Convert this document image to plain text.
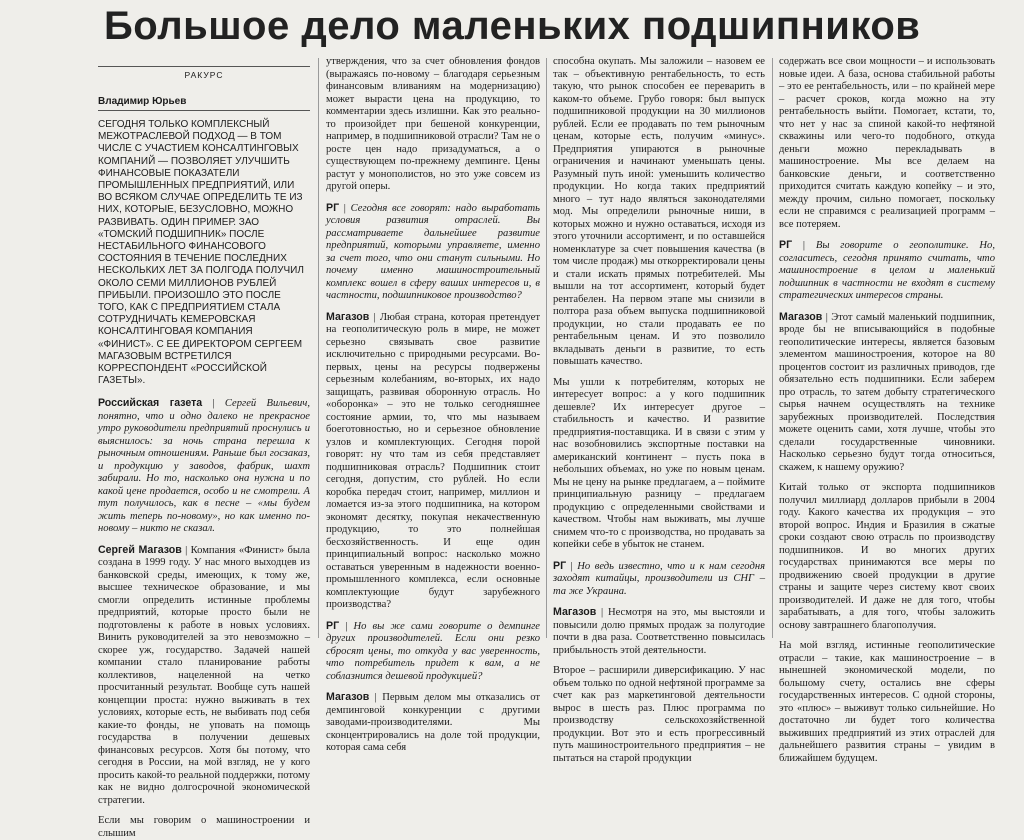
Большое дело маленьких подшипников
РАКУРС
Владимир Юрьев
СЕГОДНЯ ТОЛЬКО КОМПЛЕКСНЫЙ МЕЖОТРАСЛЕВОЙ ПОДХОД — В ТОМ ЧИСЛЕ С УЧАСТИЕМ КОНСАЛТИНГОВЫХ КОМПАНИЙ — ПОЗВОЛЯЕТ УЛУЧШИТЬ ФИНАНСОВЫЕ ПОКАЗАТЕЛИ ПРОМЫШЛЕННЫХ ПРЕДПРИЯТИЙ, ИЛИ ВО ВСЯКОМ СЛУЧАЕ ОПРЕДЕЛИТЬ ТЕ ИЗ НИХ, КОТОРЫЕ, БЕЗУСЛОВНО, МОЖНО РАЗВИВАТЬ. ОДИН ПРИМЕР. ЗАО «ТОМСКИЙ ПОДШИПНИК» ПОСЛЕ НЕСТАБИЛЬНОГО ФИНАНСОВОГО СОСТОЯНИЯ В ТЕЧЕНИЕ ПОСЛЕДНИХ НЕСКОЛЬКИХ ЛЕТ ЗА ПОЛГОДА ПОЛУЧИЛ ОКОЛО СЕМИ МИЛЛИОНОВ РУБЛЕЙ ПРИБЫЛИ. ПРОИЗОШЛО ЭТО ПОСЛЕ ТОГО, КАК С ПРЕДПРИЯТИЕМ СТАЛА СОТРУДНИЧАТЬ КЕМЕРОВСКАЯ КОНСАЛТИНГОВАЯ КОМПАНИЯ «ФИНИСТ». С ЕЕ ДИРЕКТОРОМ СЕРГЕЕМ МАГАЗОВЫМ ВСТРЕТИЛСЯ КОРРЕСПОНДЕНТ «РОССИЙСКОЙ ГАЗЕТЫ».

Российская газета | Сергей Вильевич, понятно, что и одно далеко не прекрасное утро руководители предприятий проснулись и выяснилось: за ночь страна перешла к рыночным отношениям. Раньше был госзаказ, и продукцию у заводов, фабрик, шахт забирали. Но то, насколько она нужна и по какой цене продается, особо и не смотрели. А тут получилось, как в песне – «мы будем жить теперь по-новому», но как именно по-новому – никто не сказал.

Сергей Магазов | Компания «Финист» была создана в 1999 году. У нас много выходцев из банковской среды, имеющих, к тому же, высшее техническое образование, и мы смогли определить истинные проблемы предприятий, которые просто были не подготовлены к работе в новых условиях. Винить руководителей за это невозможно – скорее уж, государство. Задачей нашей компании стало планирование работы коллективов, нацеленной на четко просчитанный результат. Вообще суть нашей концепции проста: нужно выживать в тех условиях, которые есть, не выбивать под себя какие-то фонды, не уповать на помощь государства в получении дешевых финансовых ресурсов. Хотя бы потому, что сегодня в России, на мой взгляд, не у кого просить какой-то реальной поддержки, потому как не видно долгосрочной экономической стратегии.

Если мы говорим о машиностроении и слышим

утверждения, что за счет обновления фондов (выражаясь по-новому – благодаря серьезным финансовым вливаниям на модернизацию) может вырасти цена на продукцию, то комментарии здесь излишни. Как это реально-то произойдет при бешеной конкуренции, например, в подшипниковой отрасли? Там не о росте цен надо призадуматься, а о существующем по-прежнему демпинге. Цены растут у монополистов, но это уже совсем из другой оперы.

РГ | Сегодня все говорят: надо выработать условия развития отраслей. Вы рассматриваете дальнейшее развитие предприятий, которыми управляете, именно за счет того, что они станут сильными. Но почему именно машиностроительный комплекс вошел в сферу ваших интересов и, в частности, подшипниковое производство?

Магазов | Любая страна, которая претендует на геополитическую роль в мире, не может серьезно связывать свое развитие исключительно с природными ресурсами. Во-первых, цены на ресурсы подвержены серьезным колебаниям, во-вторых, их надо защищать, развивая оборонную отрасль. Но «оборонка» – это не только сегодняшнее состояние армии, то, что мы называем боеготовностью, но и серьезное обновление узлов и комплектующих. Сегодня порой говорят: ну что там из себя представляет подшипниковая отрасль? Подшипник стоит сегодня, допустим, сто рублей. Но если коробка передач стоит, например, миллион и ломается из-за этого подшипника, на котором экономят десятку, покупая некачественную продукцию, то это полнейшая бесхозяйственность. И еще один принципиальный вопрос: насколько можно оставаться уверенным в надежности военно-промышленного комплекса, если основные комплектующие будут зарубежного производства?

РГ | Но вы же сами говорите о демпинге других производителей. Если они резко сбросят цены, то откуда у вас уверенность, что потребитель придет к вам, а не соблазнится дешевой продукцией?

Магазов | Первым делом мы отказались от демпинговой конкуренции с другими заводами-производителями. Мы сконцентрировались на доле той продукции, которая сама себя

способна окупать. Мы заложили – назовем ее так – объективную рентабельность, то есть такую, что рынок способен ее переварить в каком-то объеме. Грубо говоря: был выпуск подшипниковой продукции на 30 миллионов рублей. Если ее продавать по тем рыночным ценам, которые есть, получим «минус». Предприятия упираются в рыночные ограничения и начинают уменьшать цены. Разумный путь иной: уменьшить количество продукции. Но когда таких предприятий много – тут надо являться законодателями мод. Мы определили рыночные ниши, в которых можно и нужно оставаться, исходя из этого уточнили ассортимент, и по оставшейся номенклатуре за счет повышения качества (в том числе продаж) мы откорректировали цены и стали искать прямых потребителей. Мы вышли на тот ассортимент, который будет рентабелен. На первом этапе мы снизили в полтора раза объем выпуска подшипниковой продукции, но стали продавать ее по рентабельным ценам. И это позволило вкладывать деньги в развитие, то есть повышать качество.

Мы ушли к потребителям, которых не интересует вопрос: а у кого подшипник дешевле? Их интересует другое – стабильность и качество. И развитие предприятия-поставщика. И в связи с этим у нас возобновились экспортные поставки на американский континент – пусть пока в небольших объемах, но уже по новым ценам. Мы не цену на рынке предлагаем, а – поймите принципиальную разницу – предлагаем продукцию с определенными свойствами и качеством. Чтобы нам выживать, мы лучше снимем что-то с производства, но продавать за копейки себе в убыток не станем.

РГ | Но ведь известно, что и к нам сегодня заходят китайцы, производители из СНГ – та же Украина.

Магазов | Несмотря на это, мы выстояли и повысили долю прямых продаж за полугодие почти в два раза. Соответственно повысилась прибыльность этой деятельности.

Второе – расширили диверсификацию. У нас объем только по одной нефтяной программе за счет как раз маркетинговой деятельности вырос в шесть раз. Плюс программа по производству сельскохозяйственной продукции. Вот это и есть прогрессивный путь машиностроительного предприятия – не пытаться на старой продукции

содержать все свои мощности – и использовать новые идеи. А база, основа стабильной работы – это ее рентабельность, или – по крайней мере – расчет сроков, когда можно на эту рентабельность выйти. Помогает, кстати, то, что нет у нас за спиной какой-то нефтяной скважины или чего-то подобного, откуда деньги можно перекладывать в машиностроение. Мы все делаем на банковские деньги, и соответственно приходится считать каждую копейку – и это, между прочим, сильно помогает, поскольку если не справимся с реализацией программ – все потеряем.

РГ | Вы говорите о геополитике. Но, согласитесь, сегодня принято считать, что машиностроение в целом и маленький подшипник в частности не входят в систему стратегических интересов страны.

Магазов | Этот самый маленький подшипник, вроде бы не вписывающийся в подобные геополитические интересы, является базовым элементом машиностроения, которое на 80 процентов состоит из различных приводов, где обязательно есть подшипники. Если заберем про отрасль, то затем добыту стратегического сырья начнем осуществлять на технике зарубежных производителей. Последствия можете оценить сами, хотя лучше, чтобы это сделали государственные чиновники. Насколько серьезно будут тогда относиться, скажем, к нашему оружию?

Китай только от экспорта подшипников получил миллиард долларов прибыли в 2004 году. Какого качества их продукция – это второй вопрос. Индия и Бразилия в сжатые сроки создают свою отрасль по производству подшипников. И во многих других государствах принимаются все меры по продвижению своей продукции в другие страны и защите через систему квот своих производителей. И даже не для того, чтобы зарабатывать, а для того, чтобы заложить основу завтрашнего благополучия.

На мой взгляд, истинные геополитические отрасли – такие, как машиностроение – в нынешней экономической модели, по большому счету, остались вне сферы государственных интересов. С одной стороны, это «плюс» – выживут только сильнейшие. Но достаточно ли будет того количества выживших предприятий из этих отраслей для дальнейшего развития страны – увидим в ближайшем будущем.
